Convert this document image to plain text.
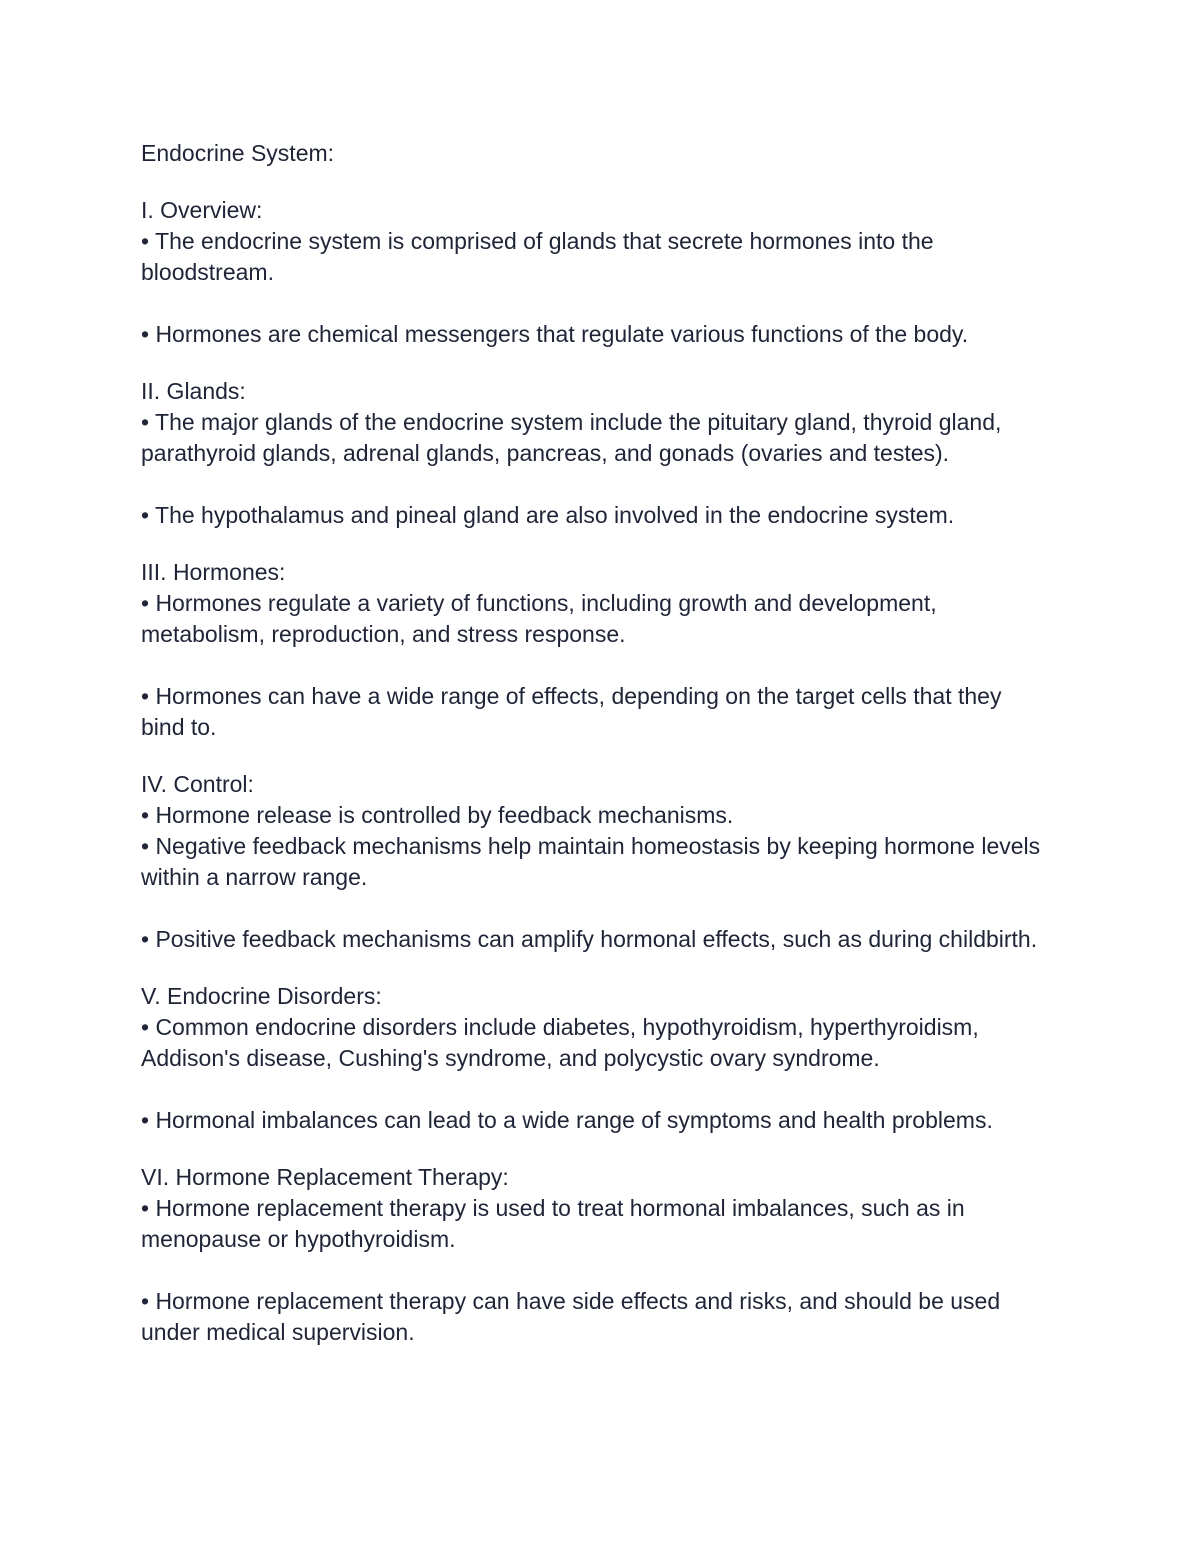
Endocrine System:
I. Overview:

• The endocrine system is comprised of glands that secrete hormones into the bloodstream.

• Hormones are chemical messengers that regulate various functions of the body.

II. Glands:

• The major glands of the endocrine system include the pituitary gland, thyroid gland, parathyroid glands, adrenal glands, pancreas, and gonads (ovaries and testes).

• The hypothalamus and pineal gland are also involved in the endocrine system.

III. Hormones:

• Hormones regulate a variety of functions, including growth and development, metabolism, reproduction, and stress response.

• Hormones can have a wide range of effects, depending on the target cells that they bind to.

IV. Control:

• Hormone release is controlled by feedback mechanisms.

• Negative feedback mechanisms help maintain homeostasis by keeping hormone levels within a narrow range.

• Positive feedback mechanisms can amplify hormonal effects, such as during childbirth.

V. Endocrine Disorders:

• Common endocrine disorders include diabetes, hypothyroidism, hyperthyroidism, Addison's disease, Cushing's syndrome, and polycystic ovary syndrome.

• Hormonal imbalances can lead to a wide range of symptoms and health problems.

VI. Hormone Replacement Therapy:

• Hormone replacement therapy is used to treat hormonal imbalances, such as in menopause or hypothyroidism.

• Hormone replacement therapy can have side effects and risks, and should be used under medical supervision.
